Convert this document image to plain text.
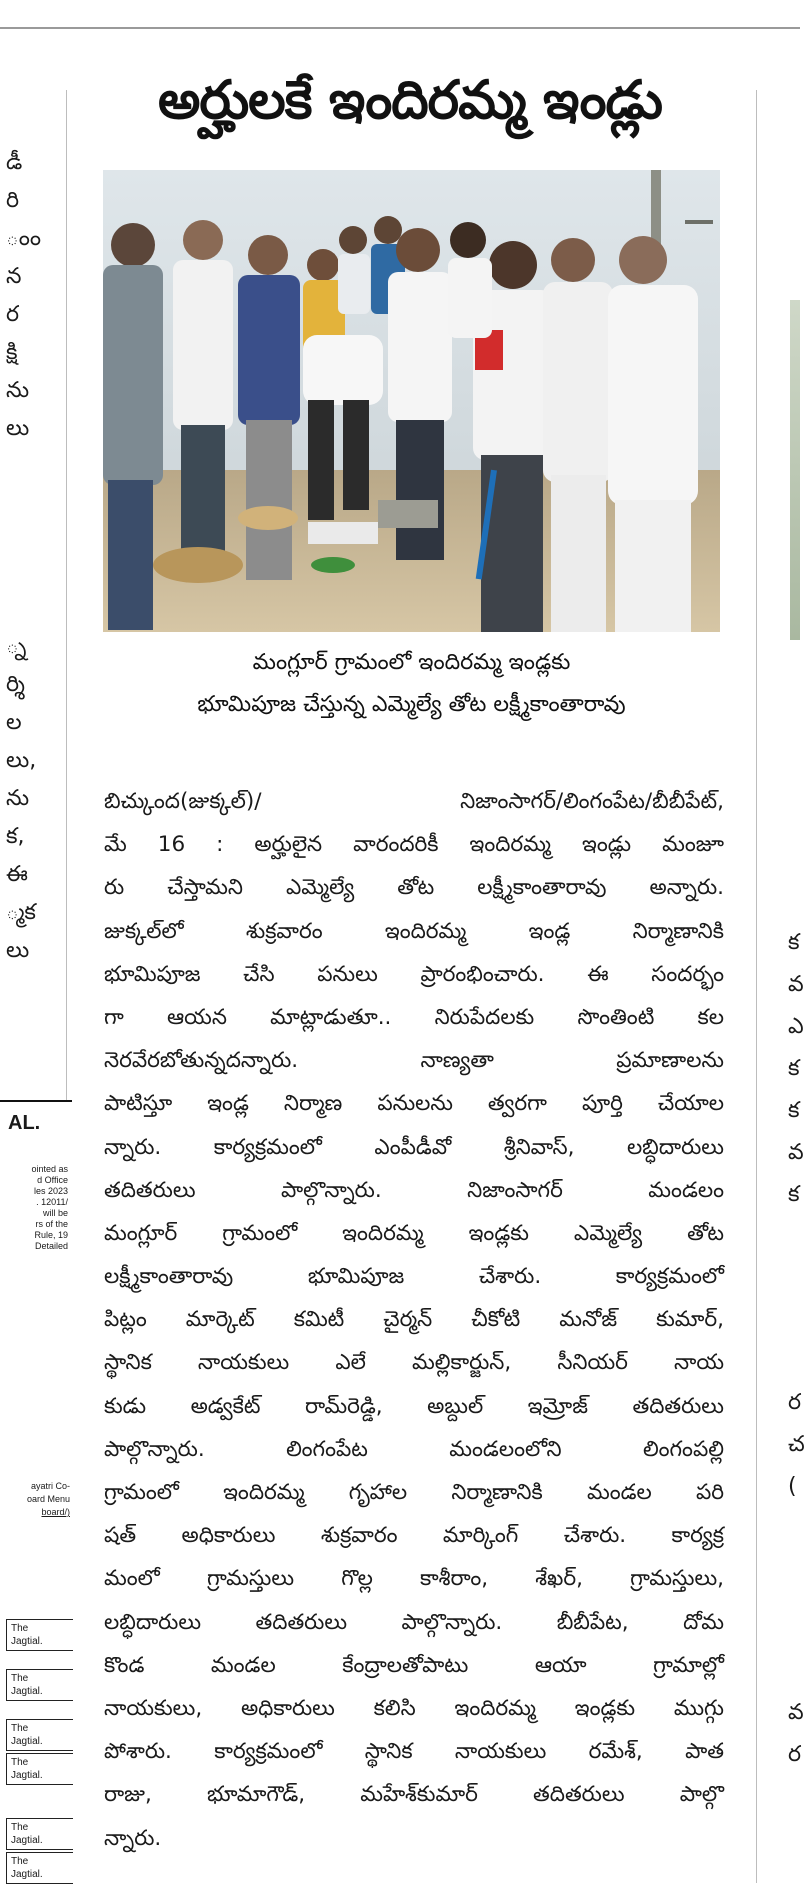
డీ
రి
ంం
న
ర
క్షి
ను
లు
్న
ర్శి
ల
లు,
ను
క,
ఈ
్మక
లు
AL.
ointed as
d Office
les 2023
. 12011/
will be
rs of the
Rule, 19
Detailed
ayatri Co-
oard Menu
board/)
The
Jagtial.
The
Jagtial.
The
Jagtial.
The
Jagtial.
The
Jagtial.
The
Jagtial.
అర్హులకే ఇందిరమ్మ ఇండ్లు
మంగ్లూర్ గ్రామంలో ఇందిరమ్మ ఇండ్లకు
భూమిపూజ చేస్తున్న ఎమ్మెల్యే తోట లక్ష్మీకాంతారావు
బిచ్కుంద(జుక్కల్)/ నిజాంసాగర్/లింగంపేట/బీబీపేట్,
మే 16 : అర్హులైన వారందరికీ ఇందిరమ్మ ఇండ్లు మంజూ
రు చేస్తామని ఎమ్మెల్యే తోట లక్ష్మీకాంతారావు అన్నారు.
జుక్కల్‌లో శుక్రవారం ఇందిరమ్మ ఇండ్ల నిర్మాణానికి
భూమిపూజ చేసి పనులు ప్రారంభించారు. ఈ సందర్భం
గా ఆయన మాట్లాడుతూ.. నిరుపేదలకు సొంతింటి కల
నెరవేరబోతున్నదన్నారు. నాణ్యతా ప్రమాణాలను
పాటిస్తూ ఇండ్ల నిర్మాణ పనులను త్వరగా పూర్తి చేయాల
న్నారు. కార్యక్రమంలో ఎంపీడీవో శ్రీనివాస్, లబ్ధిదారులు
తదితరులు పాల్గొన్నారు. నిజాంసాగర్ మండలం
మంగ్లూర్ గ్రామంలో ఇందిరమ్మ ఇండ్లకు ఎమ్మెల్యే తోట
లక్ష్మీకాంతారావు భూమిపూజ చేశారు. కార్యక్రమంలో
పిట్లం మార్కెట్ కమిటీ చైర్మన్ చీకోటి మనోజ్ కుమార్,
స్థానిక నాయకులు ఎలే మల్లికార్జున్, సీనియర్ నాయ
కుడు అడ్వకేట్ రామ్‌రెడ్డి, అబ్దుల్ ఇమ్రోజ్ తదితరులు
పాల్గొన్నారు. లింగంపేట మండలంలోని లింగంపల్లి
గ్రామంలో ఇందిరమ్మ గృహాల నిర్మాణానికి మండల పరి
షత్ అధికారులు శుక్రవారం మార్కింగ్ చేశారు. కార్యక్ర
మంలో గ్రామస్తులు గొల్ల కాశీరాం, శేఖర్, గ్రామస్తులు,
లబ్ధిదారులు తదితరులు పాల్గొన్నారు. బీబీపేట, దోమ
కొండ మండల కేంద్రాలతోపాటు ఆయా గ్రామాల్లో
నాయకులు, అధికారులు కలిసి ఇందిరమ్మ ఇండ్లకు ముగ్గు
పోశారు. కార్యక్రమంలో స్థానిక నాయకులు రమేశ్, పాత
రాజు, భూమాగౌడ్, మహేశ్‌కుమార్ తదితరులు పాల్గొ
న్నారు.
క
వ
ఎ
క
క
వ
క
ర
చ
(
వ
ర
